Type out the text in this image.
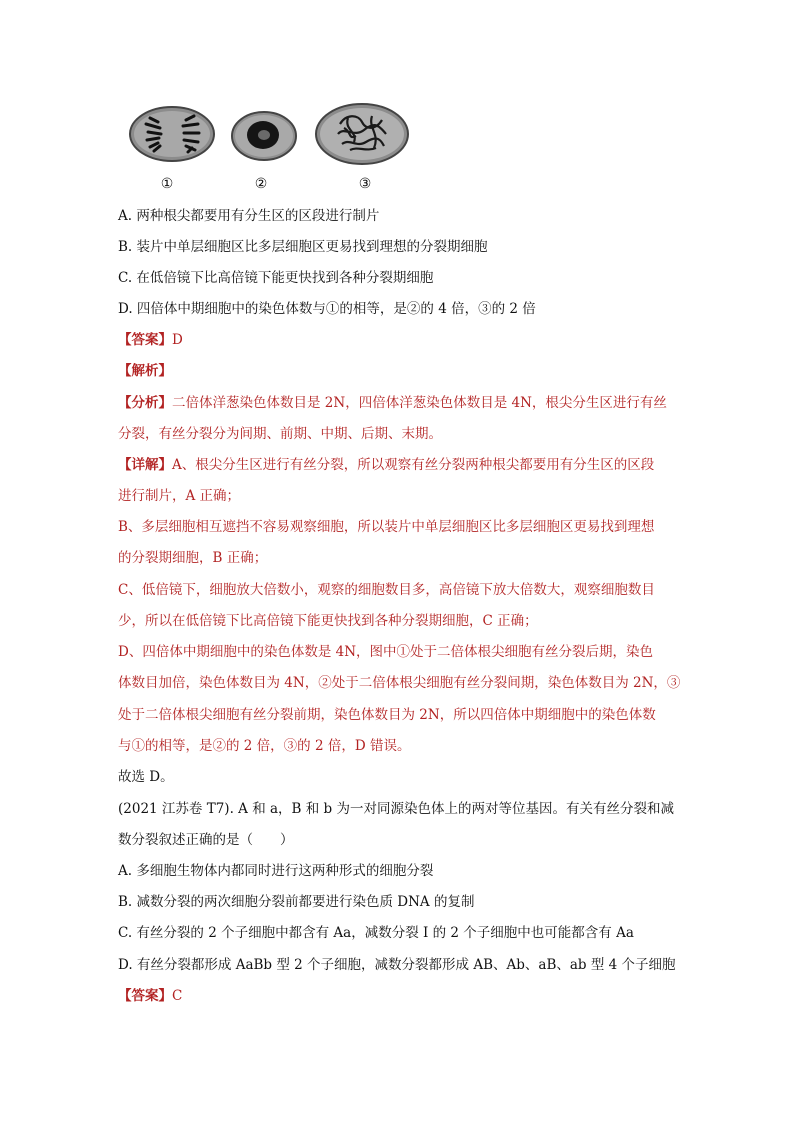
①	②	③
A. 两种根尖都要用有分生区的区段进行制片
B. 装片中单层细胞区比多层细胞区更易找到理想的分裂期细胞
C. 在低倍镜下比高倍镜下能更快找到各种分裂期细胞
D. 四倍体中期细胞中的染色体数与①的相等，是②的 4 倍，③的 2 倍
【答案】D
【解析】
【分析】二倍体洋葱染色体数目是 2N，四倍体洋葱染色体数目是 4N，根尖分生区进行有丝
分裂，有丝分裂分为间期、前期、中期、后期、末期。
【详解】A、根尖分生区进行有丝分裂，所以观察有丝分裂两种根尖都要用有分生区的区段
进行制片，A 正确；
B、多层细胞相互遮挡不容易观察细胞，所以装片中单层细胞区比多层细胞区更易找到理想
的分裂期细胞，B 正确；
C、低倍镜下，细胞放大倍数小，观察的细胞数目多，高倍镜下放大倍数大，观察细胞数目
少，所以在低倍镜下比高倍镜下能更快找到各种分裂期细胞，C 正确；
D、四倍体中期细胞中的染色体数是 4N，图中①处于二倍体根尖细胞有丝分裂后期，染色
体数目加倍，染色体数目为 4N，②处于二倍体根尖细胞有丝分裂间期，染色体数目为 2N，③
处于二倍体根尖细胞有丝分裂前期，染色体数目为 2N，所以四倍体中期细胞中的染色体数
与①的相等，是②的 2 倍，③的 2 倍，D 错误。
故选 D。
(2021 江苏卷 T7). A 和 a，B 和 b 为一对同源染色体上的两对等位基因。有关有丝分裂和减
数分裂叙述正确的是（　　）
A. 多细胞生物体内都同时进行这两种形式的细胞分裂
B. 减数分裂的两次细胞分裂前都要进行染色质 DNA 的复制
C. 有丝分裂的 2 个子细胞中都含有 Aa，减数分裂 Ⅰ 的 2 个子细胞中也可能都含有 Aa
D. 有丝分裂都形成 AaBb 型 2 个子细胞，减数分裂都形成 AB、Ab、aB、ab 型 4 个子细胞
【答案】C
